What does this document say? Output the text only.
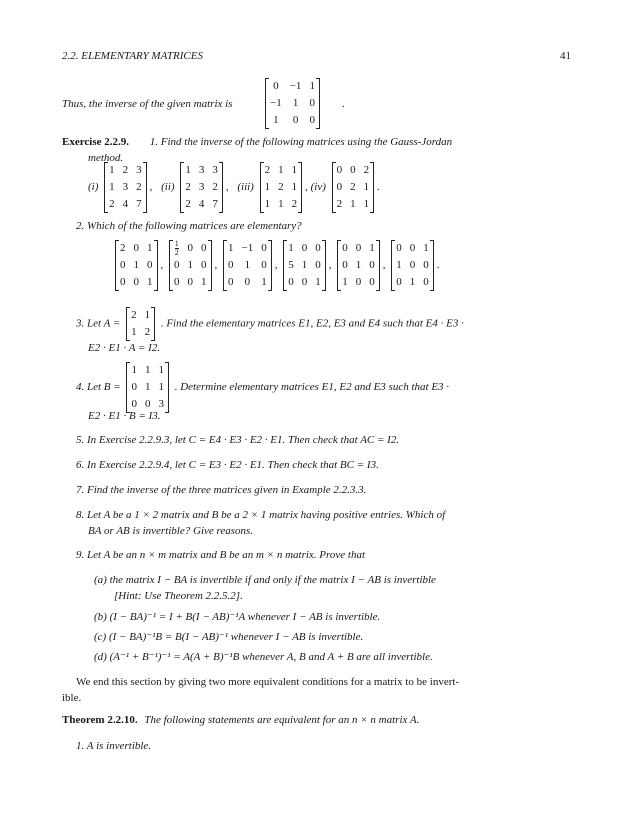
2.2. ELEMENTARY MATRICES	41
Thus, the inverse of the given matrix is
0	−1	1
−1	1	0
1	0	0
.
Exercise 2.2.9. 1. Find the inverse of the following matrices using the Gauss-Jordan
method.
(i)
1	2	3
1	3	2
2	4	7
, (ii)
1	3	3
2	3	2
2	4	7
, (iii)
2	1	1
1	2	1
1	1	2
, (iv)
0	0	2
0	2	1
2	1	1
.
2. Which of the following matrices are elementary?
2	0	1
0	1	0
0	0	1
,
$\frac{1}{2}$	0	0
0	1	0
0	0	1
,
1	−1	0
0	1	0
0	0	1
,
1	0	0
5	1	0
0	0	1
,
0	0	1
0	1	0
1	0	0
,
0	0	1
1	0	0
0	1	0
.
3. Let A =
2	1
1	2
. Find the elementary matrices E1, E2, E3 and E4 such that E4 · E3 ·
E2 · E1 · A = I2.
4. Let B =
1	1	1
0	1	1
0	0	3
. Determine elementary matrices E1, E2 and E3 such that E3 ·
E2 · E1 · B = I3.
5. In Exercise 2.2.9.3, let C = E4 · E3 · E2 · E1. Then check that AC = I2.
6. In Exercise 2.2.9.4, let C = E3 · E2 · E1. Then check that BC = I3.
7. Find the inverse of the three matrices given in Example 2.2.3.3.
8. Let A be a 1 × 2 matrix and B be a 2 × 1 matrix having positive entries. Which of
BA or AB is invertible? Give reasons.
9. Let A be an n × m matrix and B be an m × n matrix. Prove that
(a) the matrix I − BA is invertible if and only if the matrix I − AB is invertible
[Hint: Use Theorem 2.2.5.2].
(b) (I − BA)⁻¹ = I + B(I − AB)⁻¹A whenever I − AB is invertible.
(c) (I − BA)⁻¹B = B(I − AB)⁻¹ whenever I − AB is invertible.
(d) (A⁻¹ + B⁻¹)⁻¹ = A(A + B)⁻¹B whenever A, B and A + B are all invertible.
We end this section by giving two more equivalent conditions for a matrix to be invert-
ible.
Theorem 2.2.10. The following statements are equivalent for an n × n matrix A.
1. A is invertible.
